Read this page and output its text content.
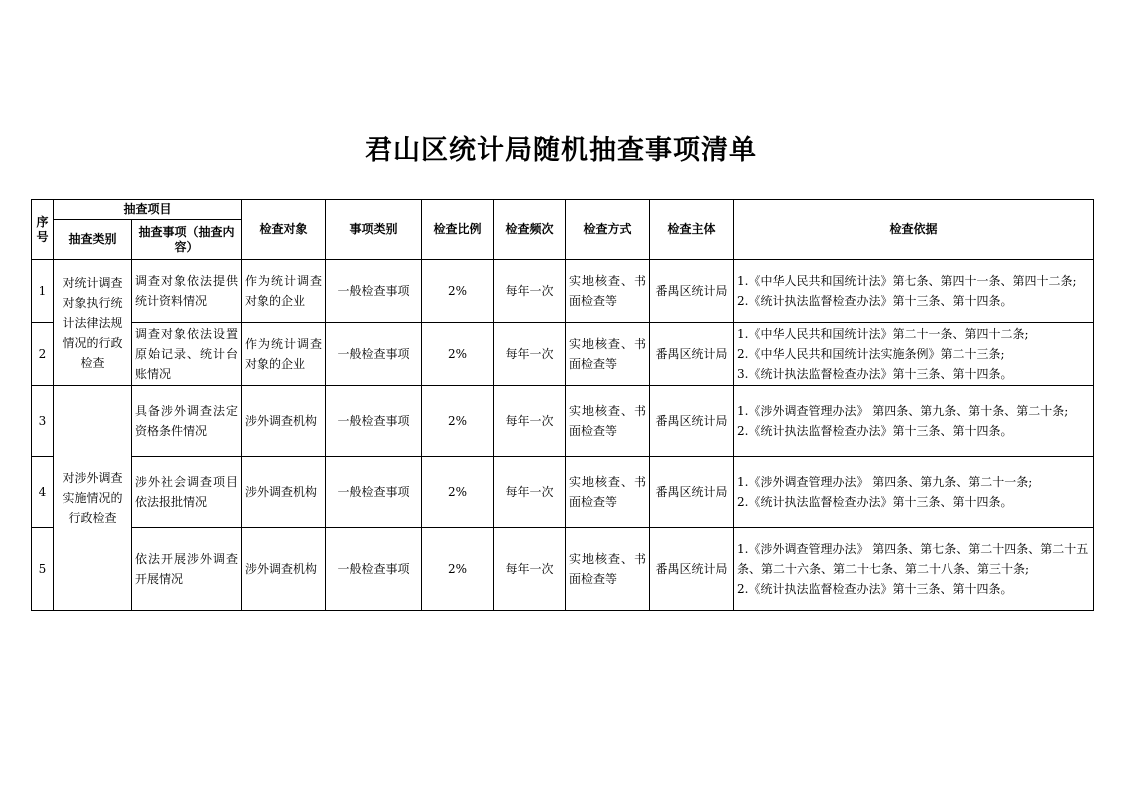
君山区统计局随机抽查事项清单
序号	抽查项目		检查对象	事项类别	检查比例	检查频次	检查方式	检查主体	检查依据
	抽查类别	抽查事项（抽查内容）							
1	对统计调查对象执行统计法律法规情况的行政检查	调查对象依法提供统计资料情况	作为统计调查对象的企业	一般检查事项	2%	每年一次	实地核查、书面检查等	番禺区统计局	1.《中华人民共和国统计法》第七条、第四十一条、第四十二条;
2.《统计执法监督检查办法》第十三条、第十四条。

2		调查对象依法设置原始记录、统计台账情况	作为统计调查对象的企业	一般检查事项	2%	每年一次	实地核查、书面检查等	番禺区统计局	1.《中华人民共和国统计法》第二十一条、第四十二条;
2.《中华人民共和国统计法实施条例》第二十三条;
3.《统计执法监督检查办法》第十三条、第十四条。

3	对涉外调查实施情况的行政检查	具备涉外调查法定资格条件情况	涉外调查机构	一般检查事项	2%	每年一次	实地核查、书面检查等	番禺区统计局	1.《涉外调查管理办法》 第四条、第九条、第十条、第二十条;
2.《统计执法监督检查办法》第十三条、第十四条。

4		涉外社会调查项目依法报批情况	涉外调查机构	一般检查事项	2%	每年一次	实地核查、书面检查等	番禺区统计局	1.《涉外调查管理办法》 第四条、第九条、第二十一条;
2.《统计执法监督检查办法》第十三条、第十四条。

5		依法开展涉外调查开展情况	涉外调查机构	一般检查事项	2%	每年一次	实地核查、书面检查等	番禺区统计局	1.《涉外调查管理办法》 第四条、第七条、第二十四条、第二十五条、第二十六条、第二十七条、第二十八条、第三十条;
2.《统计执法监督检查办法》第十三条、第十四条。
